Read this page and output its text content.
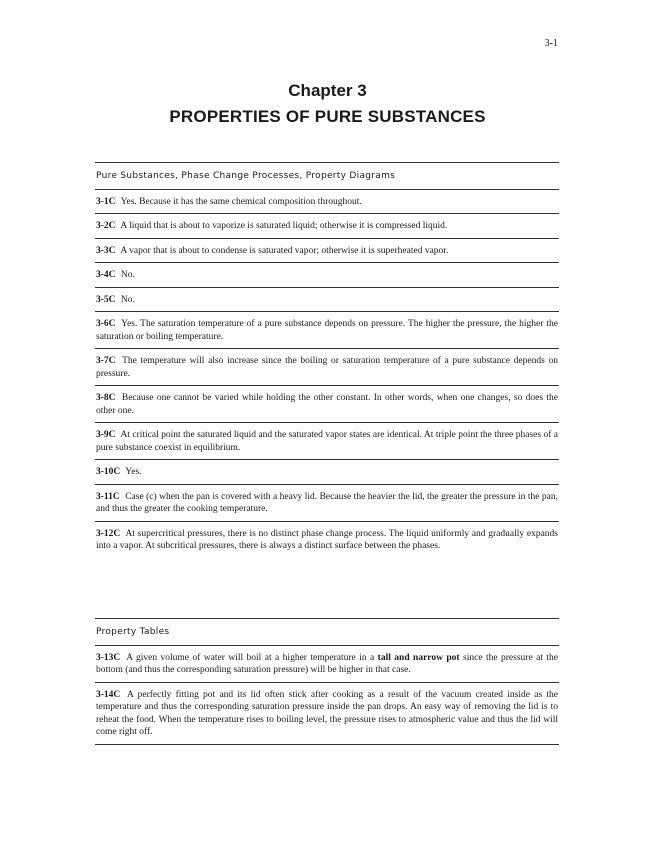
3-1
Chapter 3
PROPERTIES OF PURE SUBSTANCES
Pure Substances, Phase Change Processes, Property Diagrams
3-1C Yes. Because it has the same chemical composition throughout.
3-2C A liquid that is about to vaporize is saturated liquid; otherwise it is compressed liquid.
3-3C A vapor that is about to condense is saturated vapor; otherwise it is superheated vapor.
3-4C No.
3-5C No.
3-6C Yes. The saturation temperature of a pure substance depends on pressure. The higher the pressure, the higher the saturation or boiling temperature.
3-7C The temperature will also increase since the boiling or saturation temperature of a pure substance depends on pressure.
3-8C Because one cannot be varied while holding the other constant. In other words, when one changes, so does the other one.
3-9C At critical point the saturated liquid and the saturated vapor states are identical. At triple point the three phases of a pure substance coexist in equilibrium.
3-10C Yes.
3-11C Case (c) when the pan is covered with a heavy lid. Because the heavier the lid, the greater the pressure in the pan, and thus the greater the cooking temperature.
3-12C At supercritical pressures, there is no distinct phase change process. The liquid uniformly and gradually expands into a vapor. At subcritical pressures, there is always a distinct surface between the phases.
Property Tables
3-13C A given volume of water will boil at a higher temperature in a tall and narrow pot since the pressure at the bottom (and thus the corresponding saturation pressure) will be higher in that case.
3-14C A perfectly fitting pot and its lid often stick after cooking as a result of the vacuum created inside as the temperature and thus the corresponding saturation pressure inside the pan drops. An easy way of removing the lid is to reheat the food. When the temperature rises to boiling level, the pressure rises to atmospheric value and thus the lid will come right off.
